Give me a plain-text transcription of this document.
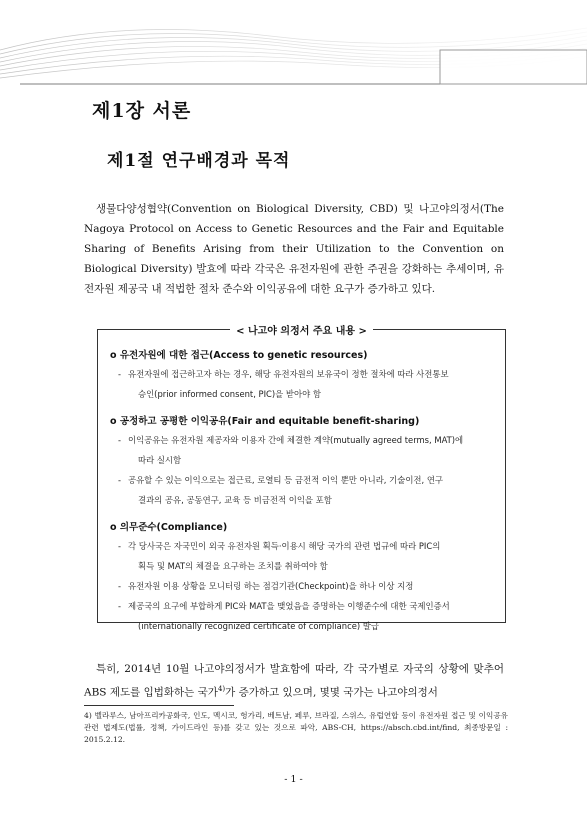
제1장 서론
제1절 연구배경과 목적

생물다양성협약(Convention on Biological Diversity, CBD) 및 나고야의정서(The Nagoya Protocol on Access to Genetic Resources and the Fair and Equitable Sharing of Benefits Arising from their Utilization to the Convention on Biological Diversity) 발효에 따라 각국은 유전자원에 관한 주권을 강화하는 추세이며, 유전자원 제공국 내 적법한 절차 준수와 이익공유에 대한 요구가 증가하고 있다.

< 나고야 의정서 주요 내용 >

o 유전자원에 대한 접근(Access to genetic resources)

- 유전자원에 접근하고자 하는 경우, 해당 유전자원의 보유국이 정한 절차에 따라 사전통보
승인(prior informed consent, PIC)을 받아야 함

o 공정하고 공평한 이익공유(Fair and equitable benefit-sharing)

- 이익공유는 유전자원 제공자와 이용자 간에 체결한 계약(mutually agreed terms, MAT)에
따라 실시함
- 공유할 수 있는 이익으로는 접근료, 로열티 등 금전적 이익 뿐만 아니라, 기술이전, 연구
결과의 공유, 공동연구, 교육 등 비금전적 이익을 포함

o 의무준수(Compliance)

- 각 당사국은 자국민이 외국 유전자원 획득·이용시 해당 국가의 관련 법규에 따라 PIC의
획득 및 MAT의 체결을 요구하는 조치를 취하여야 함
- 유전자원 이용 상황을 모니터링 하는 점검기관(Checkpoint)을 하나 이상 지정
- 제공국의 요구에 부합하게 PIC와 MAT을 맺었음을 증명하는 이행준수에 대한 국제인증서
(internationally recognized certificate of compliance) 발급

특히, 2014년 10월 나고야의정서가 발효함에 따라, 각 국가별로 자국의 상황에 맞추어 ABS 제도를 입법화하는 국가$^{4)}$가 증가하고 있으며, 몇몇 국가는 나고야의정서

4) 벨라루스, 남아프리카공화국, 인도, 멕시코, 헝가리, 베트남, 페루, 브라질, 스위스, 유럽연합 등이 유전자원 접근 및 이익공유 관련 법제도(법률, 정책, 가이드라인 등)를 갖고 있는 것으로 파악, ABS-CH, https://absch.cbd.int/find, 최종방문일 : 2015.2.12.
- 1 -
